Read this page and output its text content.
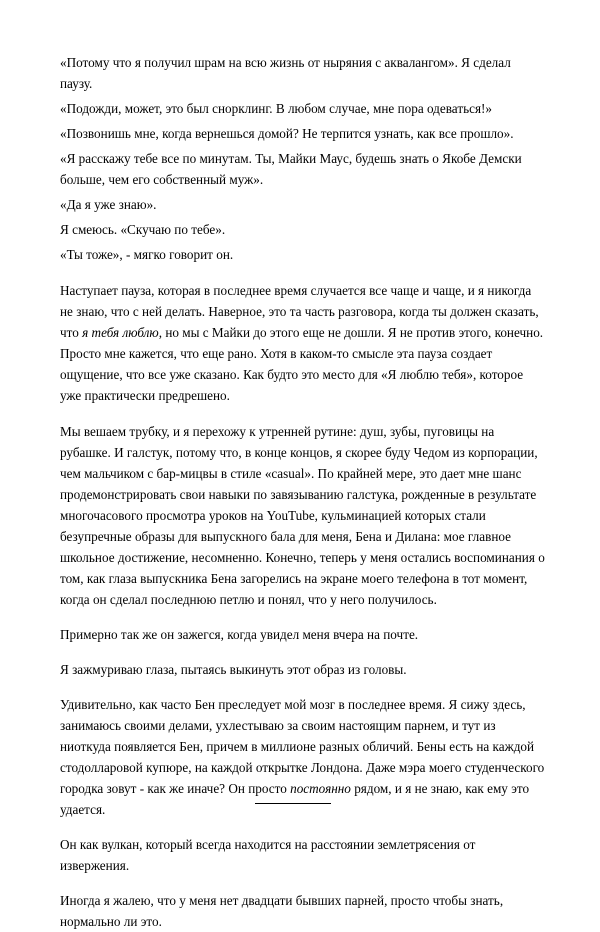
«Потому что я получил шрам на всю жизнь от ныряния с аквалангом». Я сделал паузу.

«Подожди, может, это был снорклинг. В любом случае, мне пора одеваться!»

«Позвонишь мне, когда вернешься домой? Не терпится узнать, как все прошло».

«Я расскажу тебе все по минутам. Ты, Майки Маус, будешь знать о Якобе Демски больше, чем его собственный муж».

«Да я уже знаю».

Я смеюсь. «Скучаю по тебе».

«Ты тоже», - мягко говорит он.

Наступает пауза, которая в последнее время случается все чаще и чаще, и я никогда не знаю, что с ней делать. Наверное, это та часть разговора, когда ты должен сказать, что я тебя люблю, но мы с Майки до этого еще не дошли. Я не против этого, конечно. Просто мне кажется, что еще рано. Хотя в каком-то смысле эта пауза создает ощущение, что все уже сказано. Как будто это место для «Я люблю тебя», которое уже практически предрешено.

Мы вешаем трубку, и я перехожу к утренней рутине: душ, зубы, пуговицы на рубашке. И галстук, потому что, в конце концов, я скорее буду Чедом из корпорации, чем мальчиком с бар-мицвы в стиле «casual». По крайней мере, это дает мне шанс продемонстрировать свои навыки по завязыванию галстука, рожденные в результате многочасового просмотра уроков на YouTube, кульминацией которых стали безупречные образы для выпускного бала для меня, Бена и Дилана: мое главное школьное достижение, несомненно. Конечно, теперь у меня остались воспоминания о том, как глаза выпускника Бена загорелись на экране моего телефона в тот момент, когда он сделал последнюю петлю и понял, что у него получилось.

Примерно так же он зажегся, когда увидел меня вчера на почте.

Я зажмуриваю глаза, пытаясь выкинуть этот образ из головы.

Удивительно, как часто Бен преследует мой мозг в последнее время. Я сижу здесь, занимаюсь своими делами, ухлестываю за своим настоящим парнем, и тут из ниоткуда появляется Бен, причем в миллионе разных обличий. Бены есть на каждой стодолларовой купюре, на каждой открытке Лондона. Даже мэра моего студенческого городка зовут - как же иначе? Он просто постоянно рядом, и я не знаю, как ему это удается.

Он как вулкан, который всегда находится на расстоянии землетрясения от извержения.

Иногда я жалею, что у меня нет двадцати бывших парней, просто чтобы знать, нормально ли это.
